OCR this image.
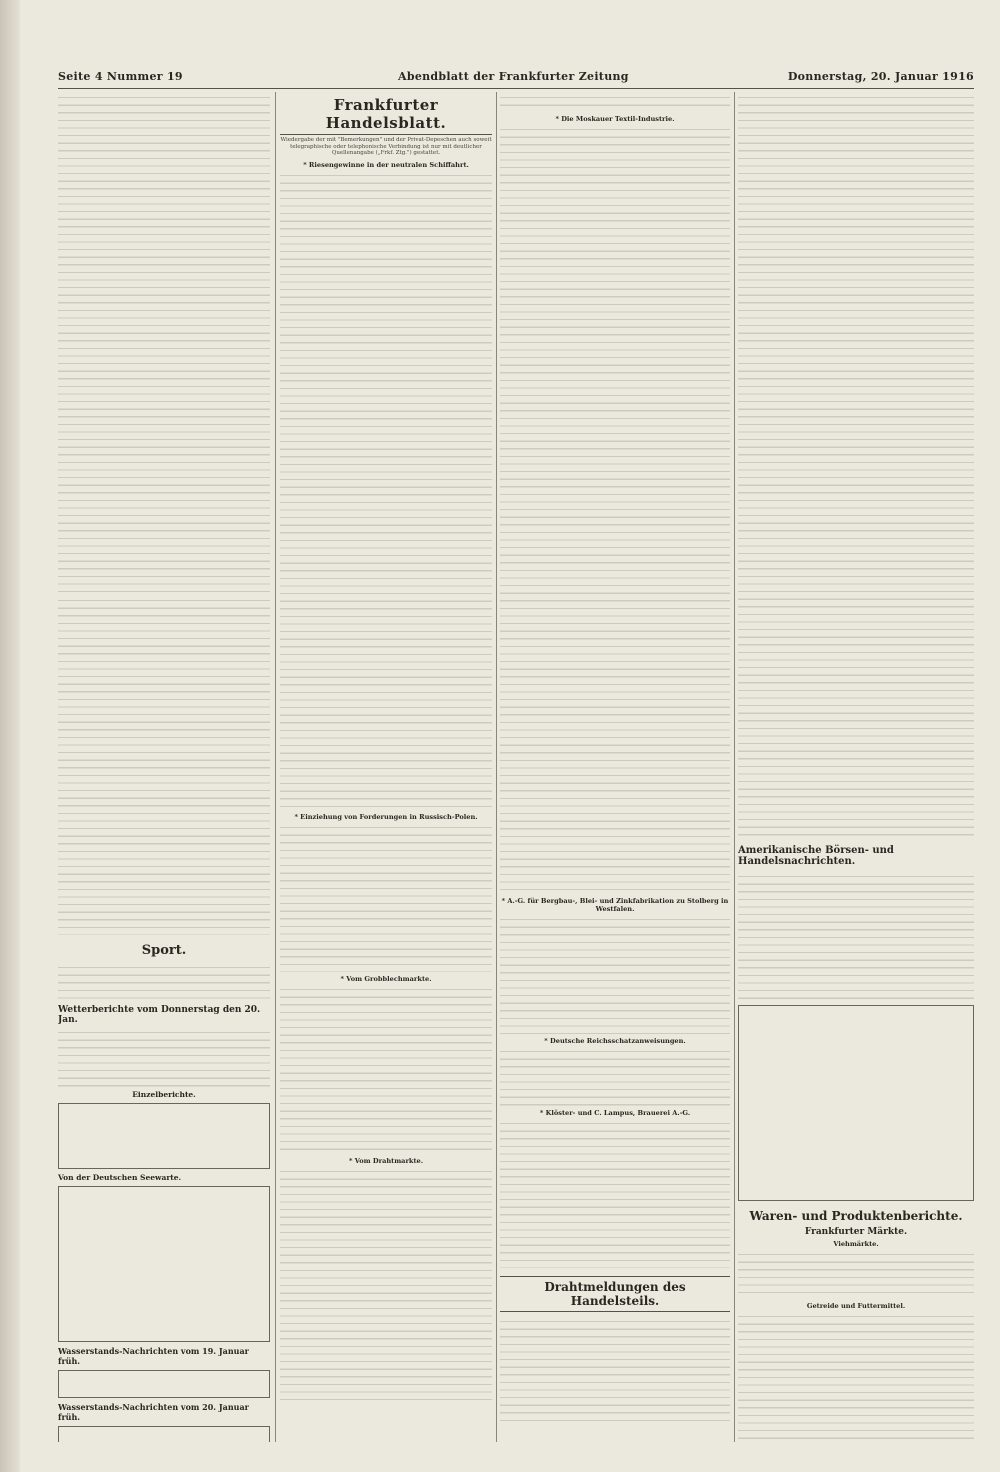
Seite 4 Nummer 19	Abendblatt der Frankfurter Zeitung	Donnerstag, 20. Januar 1916
Sport.
Wetterberichte vom Donnerstag den 20. Jan.
Einzelberichte.
Von der Deutschen Seewarte.
Wasserstands-Nachrichten vom 19. Januar früh.
Wasserstands-Nachrichten vom 20. Januar früh.
Frankfurter Handelsblatt.
Wiedergabe der mit "Bemerkungen" und der Privat-Depeschen auch soweit telegraphische oder telephonische Verbindung ist nur mit deutlicher Quellenangabe („Frkf. Ztg.") gestattet.
* Riesengewinne in der neutralen Schiffahrt.
* Einziehung von Forderungen in Russisch-Polen.
* Vom Grobblechmarkte.
* Vom Drahtmarkte.
* Die Moskauer Textil-Industrie.
* A.-G. für Bergbau-, Blei- und Zinkfabrikation zu Stolberg in Westfalen.
* Deutsche Reichsschatzanweisungen.
* Klöster- und C. Lampus, Brauerei A.-G.
Drahtmeldungen des Handelsteils.
Amerikanische Börsen- und Handelsnachrichten.
Waren- und Produktenberichte.
Frankfurter Märkte.
Viehmärkte.
Getreide und Futtermittel.
